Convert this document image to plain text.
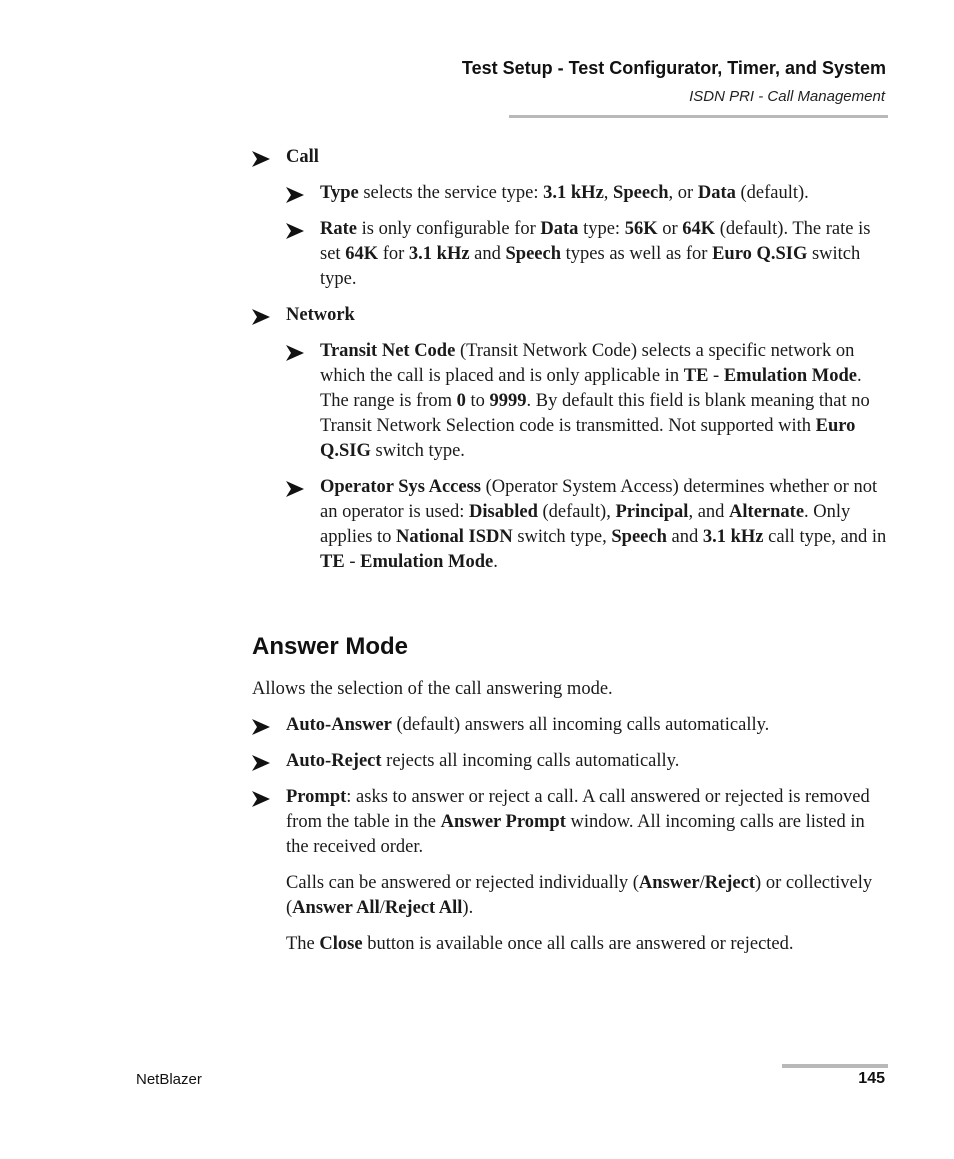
Test Setup - Test Configurator, Timer, and System
ISDN PRI - Call Management

Call

Type selects the service type: 3.1 kHz, Speech, or Data (default).

Rate is only configurable for Data type: 56K or 64K (default). The rate is set 64K for 3.1 kHz and Speech types as well as for Euro Q.SIG switch type.

Network

Transit Net Code (Transit Network Code) selects a specific network on which the call is placed and is only applicable in TE - Emulation Mode. The range is from 0 to 9999. By default this field is blank meaning that no Transit Network Selection code is transmitted. Not supported with Euro Q.SIG switch type.

Operator Sys Access (Operator System Access) determines whether or not an operator is used: Disabled (default), Principal, and Alternate. Only applies to National ISDN switch type, Speech and 3.1 kHz call type, and in TE - Emulation Mode.

Answer Mode

Allows the selection of the call answering mode.

Auto-Answer (default) answers all incoming calls automatically.

Auto-Reject rejects all incoming calls automatically.

Prompt: asks to answer or reject a call. A call answered or rejected is removed from the table in the Answer Prompt window. All incoming calls are listed in the received order.

Calls can be answered or rejected individually (Answer/Reject) or collectively (Answer All/Reject All).

The Close button is available once all calls are answered or rejected.

NetBlazer	145
